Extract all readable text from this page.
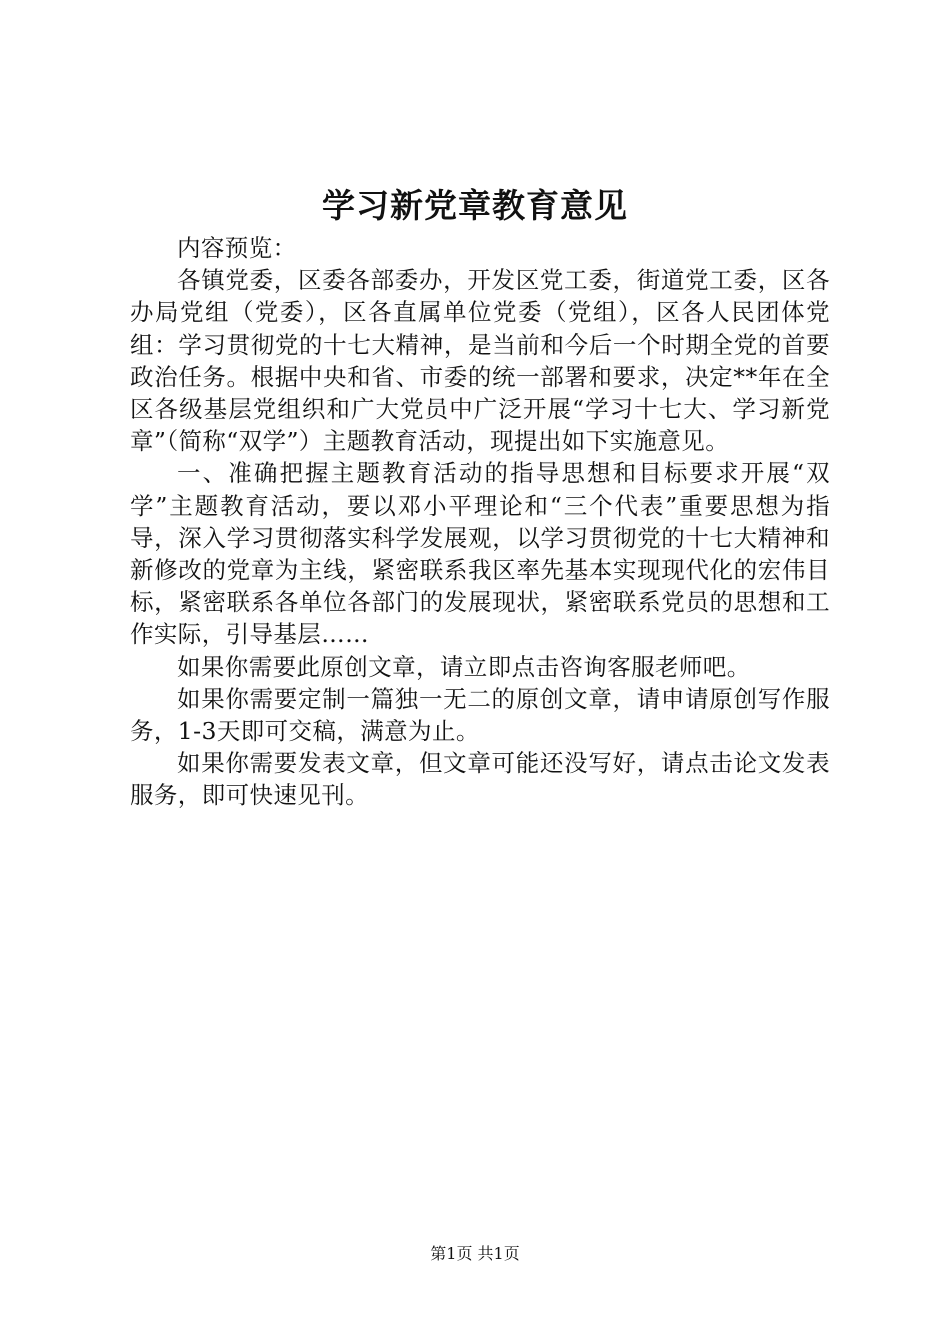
学习新党章教育意见

内容预览：

各镇党委，区委各部委办，开发区党工委，街道党工委，区各办局党组（党委），区各直属单位党委（党组），区各人民团体党组：学习贯彻党的十七大精神，是当前和今后一个时期全党的首要政治任务。根据中央和省、市委的统一部署和要求，决定**年在全区各级基层党组织和广大党员中广泛开展“学习十七大、学习新党章”（简称“双学”）主题教育活动，现提出如下实施意见。

一、准确把握主题教育活动的指导思想和目标要求开展“双学”主题教育活动，要以邓小平理论和“三个代表”重要思想为指导，深入学习贯彻落实科学发展观，以学习贯彻党的十七大精神和新修改的党章为主线，紧密联系我区率先基本实现现代化的宏伟目标，紧密联系各单位各部门的发展现状，紧密联系党员的思想和工作实际，引导基层……

如果你需要此原创文章，请立即点击咨询客服老师吧。

如果你需要定制一篇独一无二的原创文章，请申请原创写作服务，1-3天即可交稿，满意为止。

如果你需要发表文章，但文章可能还没写好，请点击论文发表服务，即可快速见刊。

第1页 共1页
